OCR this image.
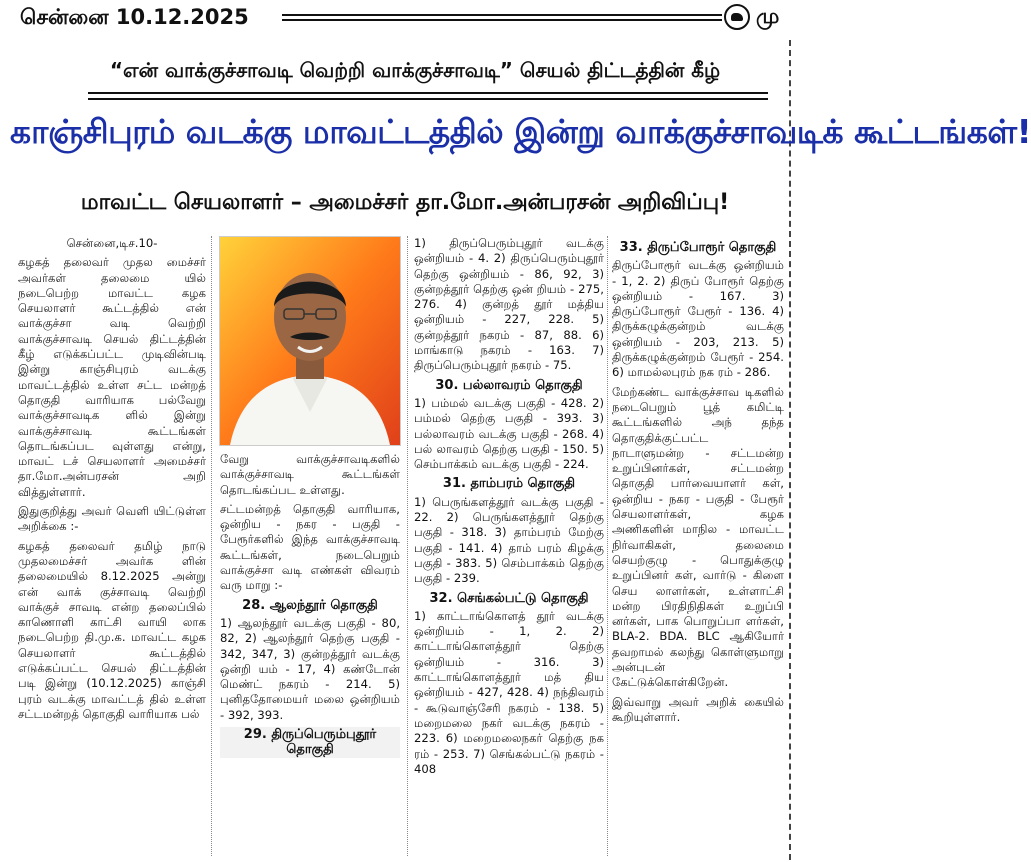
சென்னை 10.12.2025	மு
“என் வாக்குச்சாவடி வெற்றி வாக்குச்சாவடி” செயல் திட்டத்தின் கீழ்
காஞ்சிபுரம் வடக்கு மாவட்டத்தில் இன்று வாக்குச்சாவடிக் கூட்டங்கள்!
மாவட்ட செயலாளர் – அமைச்சர் தா.மோ.அன்பரசன் அறிவிப்பு!

சென்னை,டிச.10-

கழகத் தலைவர் முதல மைச்சர் அவர்கள் தலைமை யில் நடைபெற்ற மாவட்ட கழக செயலாளர் கூட்டத்தில் என் வாக்குச்சா வடி வெற்றி வாக்குச்சாவடி செயல் திட்டத்தின் கீழ் எடுக்கப்பட்ட முடிவின்படி இன்று காஞ்சிபுரம் வடக்கு மாவட்டத்தில் உள்ள சட்ட மன்றத் தொகுதி வாரியாக பல்வேறு வாக்குச்சாவடிக ளில் இன்று வாக்குச்சாவடி கூட்டங்கள் தொடங்கப்பட வுள்ளது என்று, மாவட் டச் செயலாளர் அமைச்சர் தா.மோ.அன்பரசன் அறி வித்துள்ளார்.

இதுகுறித்து அவர் வெளி யிட்டுள்ள அறிக்கை :-

கழகத் தலைவர் தமிழ் நாடு முதலமைச்சர் அவர்க ளின் தலைமையில் 8.12.2025 அன்று என் வாக் குச்சாவடி வெற்றி வாக்குச் சாவடி என்ற தலைப்பில் காணொளி காட்சி வாயி லாக நடைபெற்ற தி.மு.க. மாவட்ட கழக செயலாளர் கூட்டத்தில் எடுக்கப்பட்ட செயல் திட்டத்தின் படி இன்று (10.12.2025) காஞ்சி புரம் வடக்கு மாவட்டத் தில் உள்ள சட்டமன்றத் தொகுதி வாரியாக பல்

வேறு வாக்குச்சாவடிகளில் வாக்குச்சாவடி கூட்டங்கள் தொடங்கப்பட உள்ளது.

சட்டமன்றத் தொகுதி வாரியாக, ஒன்றிய - நகர - பகுதி - பேரூர்களில் இந்த வாக்குச்சாவடி கூட்டங்கள், நடைபெறும் வாக்குச்சா வடி எண்கள் விவரம் வரு மாறு :-

28. ஆலந்தூர் தொகுதி

1) ஆலந்தூர் வடக்கு பகுதி - 80, 82, 2) ஆலந்தூர் தெற்கு பகுதி - 342, 347, 3) குன்றத்தூர் வடக்கு ஒன்றி யம் - 17, 4) கண்டோன் மெண்ட் நகரம் - 214. 5) புனிததோமையர் மலை ஒன்றியம் - 392, 393.

29. திருப்பெரும்புதூர் தொகுதி

1) திருப்பெரும்புதூர் வடக்கு ஒன்றியம் - 4. 2) திருப்பெரும்புதூர் தெற்கு ஒன்றியம் - 86, 92, 3) குன்றத்தூர் தெற்கு ஒன் றியம் - 275, 276. 4) குன்றத் தூர் மத்திய ஒன்றியம் - 227, 228. 5) குன்றத்தூர் நகரம் - 87, 88. 6) மாங்காடு நகரம் - 163. 7) திருப்பெரும்புதூர் நகரம் - 75.

30. பல்லாவரம் தொகுதி

1) பம்மல் வடக்கு பகுதி - 428. 2) பம்மல் தெற்கு பகுதி - 393. 3) பல்லாவரம் வடக்கு பகுதி - 268. 4) பல் லாவரம் தெற்கு பகுதி - 150. 5) செம்பாக்கம் வடக்கு பகுதி - 224.

31. தாம்பரம் தொகுதி

1) பெருங்களத்தூர் வடக்கு பகுதி - 22. 2) பெருங்களத்தூர் தெற்கு பகுதி - 318. 3) தாம்பரம் மேற்கு பகுதி - 141. 4) தாம் பரம் கிழக்கு பகுதி - 383. 5) செம்பாக்கம் தெற்கு பகுதி - 239.

32. செங்கல்பட்டு தொகுதி

1) காட்டாங்கொளத் தூர் வடக்கு ஒன்றியம் - 1, 2. 2) காட்டாங்கொளத்தூர் தெற்கு ஒன்றியம் - 316. 3) காட்டாங்கொளத்தூர் மத் திய ஒன்றியம் - 427, 428. 4) நந்திவரம் - கூடுவாஞ்சேரி நகரம் - 138. 5) மறைமலை நகர் வடக்கு நகரம் - 223. 6) மறைமலைநகர் தெற்கு நக ரம் - 253. 7) செங்கல்பட்டு நகரம் - 408

33. திருப்போரூர் தொகுதி

திருப்போரூர் வடக்கு ஒன்றியம் - 1, 2. 2) திருப் போரூர் தெற்கு ஒன்றியம் - 167. 3) திருப்போரூர் பேரூர் - 136. 4) திருக்கழுக்குன்றம் வடக்கு ஒன்றியம் - 203, 213. 5) திருக்கழுக்குன்றம் பேரூர் - 254. 6) மாமல்லபுரம் நக ரம் - 286.

மேற்கண்ட வாக்குச்சாவ டிகளில் நடைபெறும் பூத் கமிட்டி கூட்டங்களில் அந் தந்த தொகுதிக்குட்பட்ட நாடாளுமன்ற - சட்டமன்ற உறுப்பினர்கள், சட்டமன்ற தொகுதி பார்வையாளர் கள், ஒன்றிய - நகர - பகுதி - பேரூர் செயலாளர்கள், கழக அணிகளின் மாநில - மாவட்ட நிர்வாகிகள், தலைமை செயற்குழு - பொதுக்குழு உறுப்பினர் கள், வார்டு - கிளை செய லாளர்கள், உள்ளாட்சி மன்ற பிரதிநிதிகள் உறுப்பி னர்கள், பாக பொறுப்பா ளர்கள், BLA-2. BDA. BLC ஆகியோர் தவறாமல் கலந்து கொள்ளுமாறு அன்புடன் கேட்டுக்கொள்கிறேன்.

இவ்வாறு அவர் அறிக் கையில் கூறியுள்ளார்.
